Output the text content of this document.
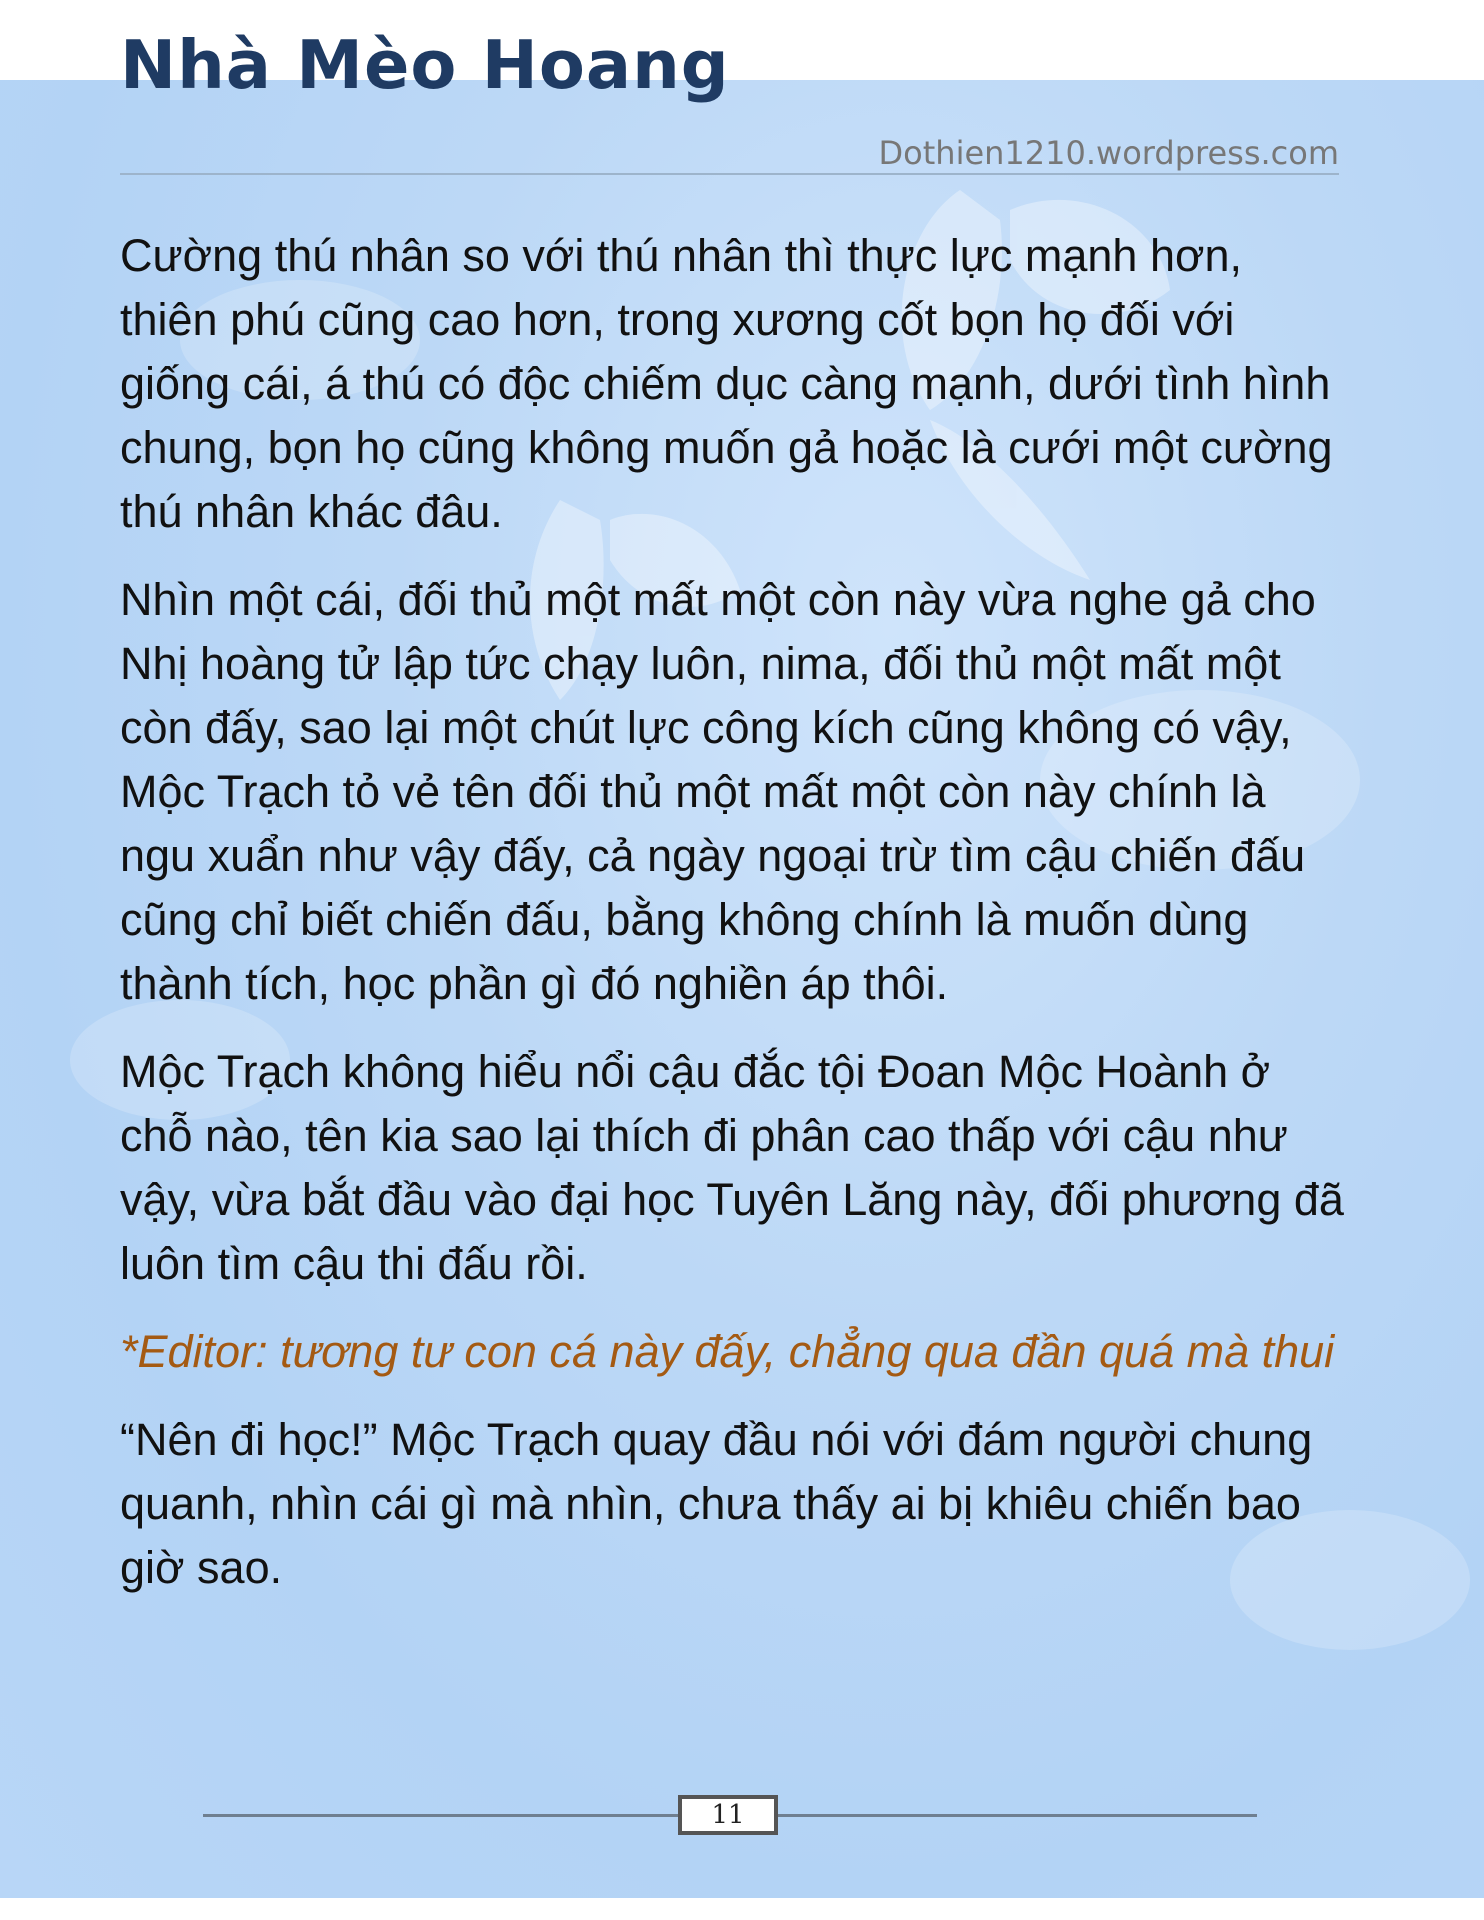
Nhà Mèo Hoang
Dothien1210.wordpress.com

Cường thú nhân so với thú nhân thì thực lực mạnh hơn, thiên phú cũng cao hơn, trong xương cốt bọn họ đối với giống cái, á thú có độc chiếm dục càng mạnh, dưới tình hình chung, bọn họ cũng không muốn gả hoặc là cưới một cường thú nhân khác đâu.

Nhìn một cái, đối thủ một mất một còn này vừa nghe gả cho Nhị hoàng tử lập tức chạy luôn, nima, đối thủ một mất một còn đấy, sao lại một chút lực công kích cũng không có vậy, Mộc Trạch tỏ vẻ tên đối thủ một mất một còn này chính là ngu xuẩn như vậy đấy, cả ngày ngoại trừ tìm cậu chiến đấu cũng chỉ biết chiến đấu, bằng không chính là muốn dùng thành tích, học phần gì đó nghiền áp thôi.

Mộc Trạch không hiểu nổi cậu đắc tội Đoan Mộc Hoành ở chỗ nào, tên kia sao lại thích đi phân cao thấp với cậu như vậy, vừa bắt đầu vào đại học Tuyên Lăng này, đối phương đã luôn tìm cậu thi đấu rồi.

*Editor: tương tư con cá này đấy, chẳng qua đần quá mà thui

“Nên đi học!” Mộc Trạch quay đầu nói với đám người chung quanh, nhìn cái gì mà nhìn, chưa thấy ai bị khiêu chiến bao giờ sao.

11
